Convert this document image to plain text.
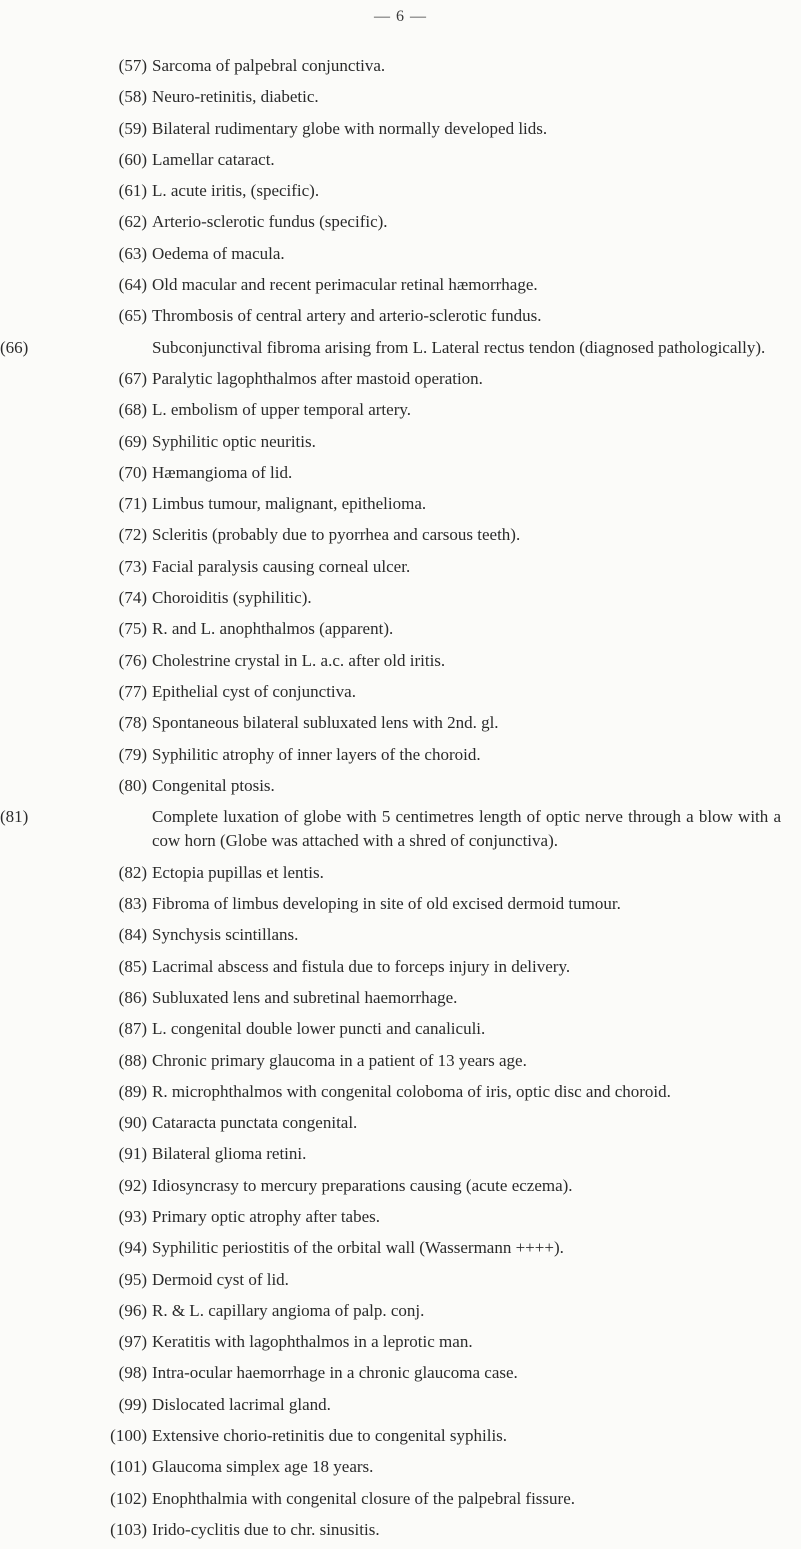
— 6 —
(57) Sarcoma of palpebral conjunctiva.
(58) Neuro-retinitis, diabetic.
(59) Bilateral rudimentary globe with normally developed lids.
(60) Lamellar cataract.
(61) L. acute iritis, (specific).
(62) Arterio-sclerotic fundus (specific).
(63) Oedema of macula.
(64) Old macular and recent perimacular retinal hæmorrhage.
(65) Thrombosis of central artery and arterio-sclerotic fundus.
(66)	Subconjunctival fibroma arising from L. Lateral rectus tendon (diagnosed pathologically).
(67) Paralytic lagophthalmos after mastoid operation.
(68) L. embolism of upper temporal artery.
(69) Syphilitic optic neuritis.
(70) Hæmangioma of lid.
(71) Limbus tumour, malignant, epithelioma.
(72) Scleritis (probably due to pyorrhea and carsous teeth).
(73) Facial paralysis causing corneal ulcer.
(74) Choroiditis (syphilitic).
(75) R. and L. anophthalmos (apparent).
(76) Cholestrine crystal in L. a.c. after old iritis.
(77) Epithelial cyst of conjunctiva.
(78) Spontaneous bilateral subluxated lens with 2nd. gl.
(79) Syphilitic atrophy of inner layers of the choroid.
(80) Congenital ptosis.
(81)	Complete luxation of globe with 5 centimetres length of optic nerve through a blow with a cow horn (Globe was attached with a shred of conjunctiva).
(82) Ectopia pupillas et lentis.
(83) Fibroma of limbus developing in site of old excised dermoid tumour.
(84) Synchysis scintillans.
(85) Lacrimal abscess and fistula due to forceps injury in delivery.
(86) Subluxated lens and subretinal haemorrhage.
(87) L. congenital double lower puncti and canaliculi.
(88) Chronic primary glaucoma in a patient of 13 years age.
(89) R. microphthalmos with congenital coloboma of iris, optic disc and choroid.
(90) Cataracta punctata congenital.
(91) Bilateral glioma retini.
(92) Idiosyncrasy to mercury preparations causing (acute eczema).
(93) Primary optic atrophy after tabes.
(94) Syphilitic periostitis of the orbital wall (Wassermann ++++).
(95) Dermoid cyst of lid.
(96) R. & L. capillary angioma of palp. conj.
(97) Keratitis with lagophthalmos in a leprotic man.
(98) Intra-ocular haemorrhage in a chronic glaucoma case.
(99) Dislocated lacrimal gland.
(100) Extensive chorio-retinitis due to congenital syphilis.
(101) Glaucoma simplex age 18 years.
(102) Enophthalmia with congenital closure of the palpebral fissure.
(103) Irido-cyclitis due to chr. sinusitis.
